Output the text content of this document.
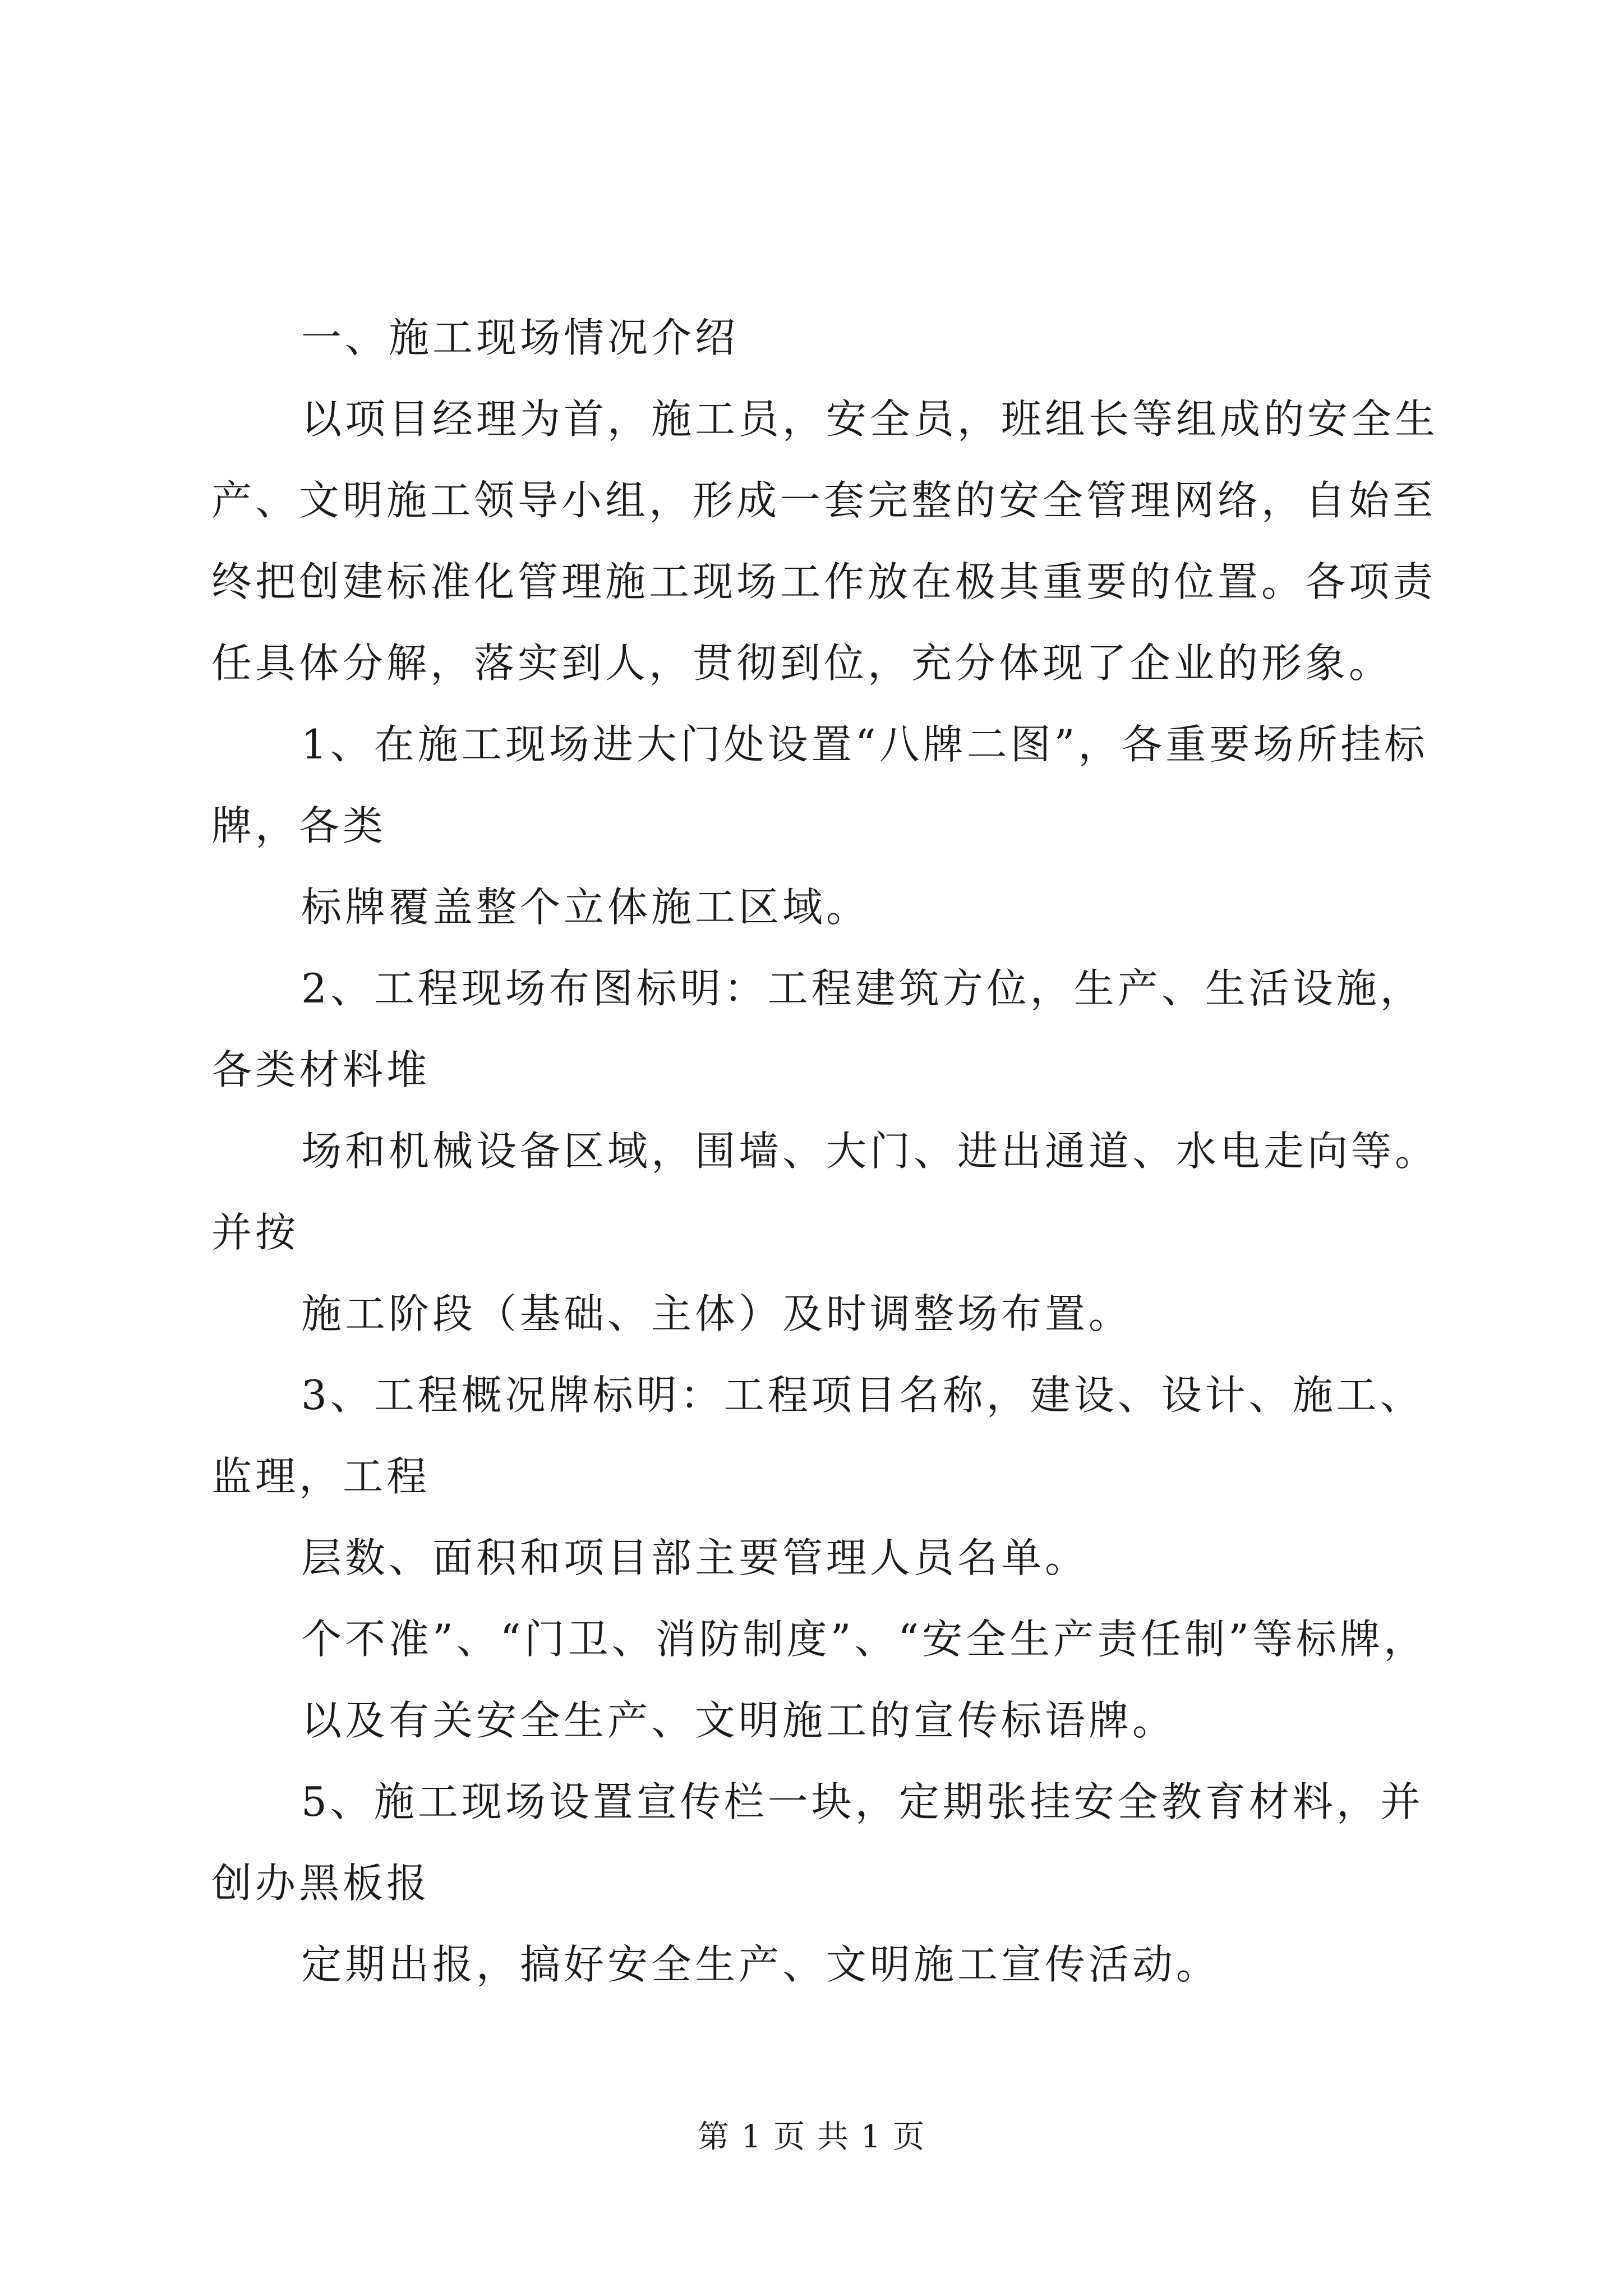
一、施工现场情况介绍
以项目经理为首，施工员，安全员，班组长等组成的安全生
产、文明施工领导小组，形成一套完整的安全管理网络，自始至
终把创建标准化管理施工现场工作放在极其重要的位置。各项责
任具体分解，落实到人，贯彻到位，充分体现了企业的形象。
1、在施工现场进大门处设置“八牌二图”，各重要场所挂标
牌，各类
标牌覆盖整个立体施工区域。
2、工程现场布图标明：工程建筑方位，生产、生活设施，
各类材料堆
场和机械设备区域，围墙、大门、进出通道、水电走向等。
并按
施工阶段（基础、主体）及时调整场布置。
3、工程概况牌标明：工程项目名称，建设、设计、施工、
监理，工程
层数、面积和项目部主要管理人员名单。
个不准”、“门卫、消防制度”、“安全生产责任制”等标牌，
以及有关安全生产、文明施工的宣传标语牌。
5、施工现场设置宣传栏一块，定期张挂安全教育材料，并
创办黑板报
定期出报，搞好安全生产、文明施工宣传活动。
第 1 页 共 1 页
